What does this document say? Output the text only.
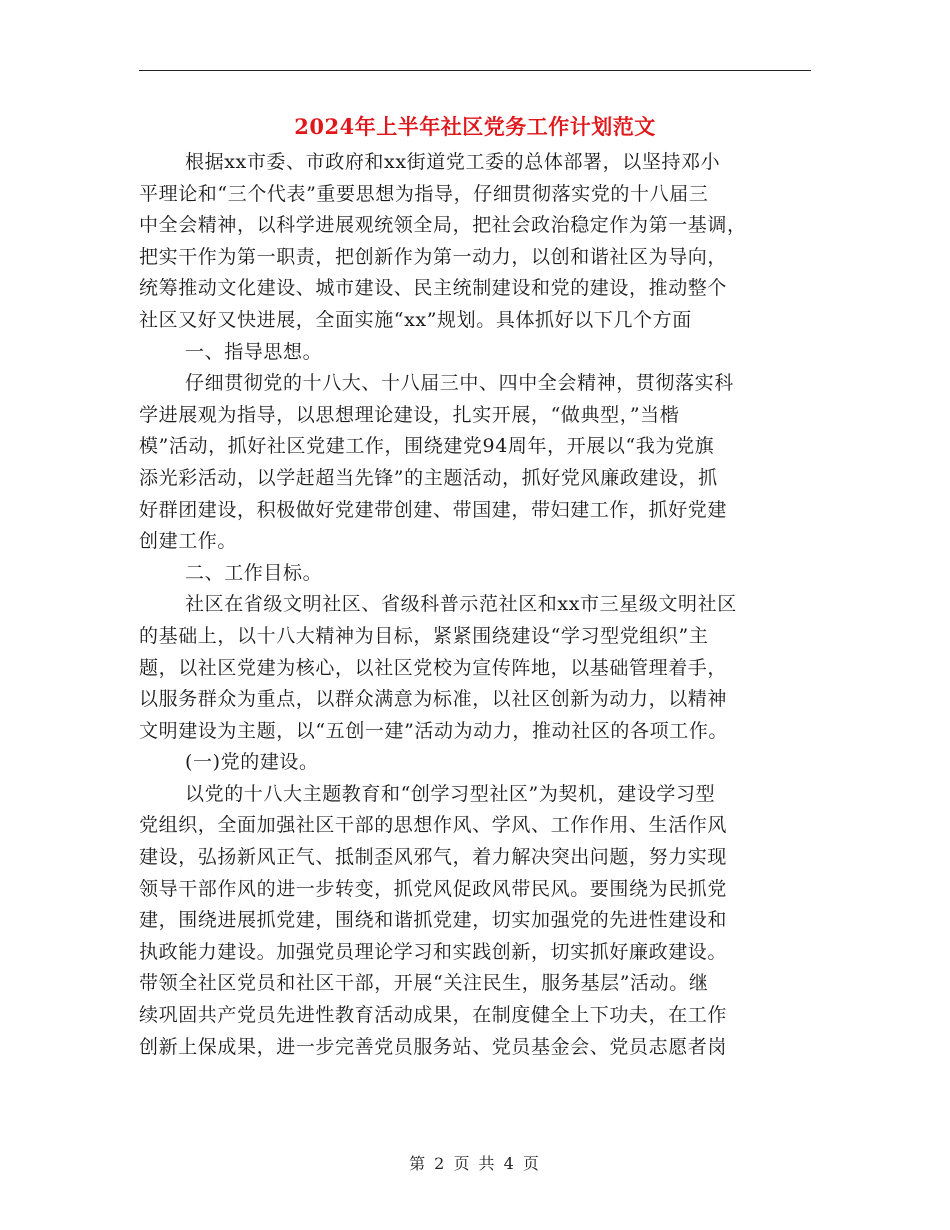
2024年上半年社区党务工作计划范文
根据xx市委、市政府和xx街道党工委的总体部署，以坚持邓小
平理论和“三个代表”重要思想为指导，仔细贯彻落实党的十八届三
中全会精神，以科学进展观统领全局，把社会政治稳定作为第一基调，
把实干作为第一职责，把创新作为第一动力，以创和谐社区为导向，
统筹推动文化建设、城市建设、民主统制建设和党的建设，推动整个
社区又好又快进展，全面实施“xx”规划。具体抓好以下几个方面
一、指导思想。
仔细贯彻党的十八大、十八届三中、四中全会精神，贯彻落实科
学进展观为指导，以思想理论建设，扎实开展，“做典型，”当楷
模”活动，抓好社区党建工作，围绕建党94周年，开展以“我为党旗
添光彩活动，以学赶超当先锋”的主题活动，抓好党风廉政建设，抓
好群团建设，积极做好党建带创建、带国建，带妇建工作，抓好党建
创建工作。
二、工作目标。
社区在省级文明社区、省级科普示范社区和xx市三星级文明社区
的基础上，以十八大精神为目标，紧紧围绕建设“学习型党组织”主
题，以社区党建为核心，以社区党校为宣传阵地，以基础管理着手，
以服务群众为重点，以群众满意为标准，以社区创新为动力，以精神
文明建设为主题，以“五创一建”活动为动力，推动社区的各项工作。
(一)党的建设。
以党的十八大主题教育和“创学习型社区”为契机，建设学习型
党组织，全面加强社区干部的思想作风、学风、工作作用、生活作风
建设，弘扬新风正气、抵制歪风邪气，着力解决突出问题，努力实现
领导干部作风的进一步转变，抓党风促政风带民风。要围绕为民抓党
建，围绕进展抓党建，围绕和谐抓党建，切实加强党的先进性建设和
执政能力建设。加强党员理论学习和实践创新，切实抓好廉政建设。
带领全社区党员和社区干部，开展“关注民生，服务基层”活动。继
续巩固共产党员先进性教育活动成果，在制度健全上下功夫，在工作
创新上保成果，进一步完善党员服务站、党员基金会、党员志愿者岗
第 2 页 共 4 页
